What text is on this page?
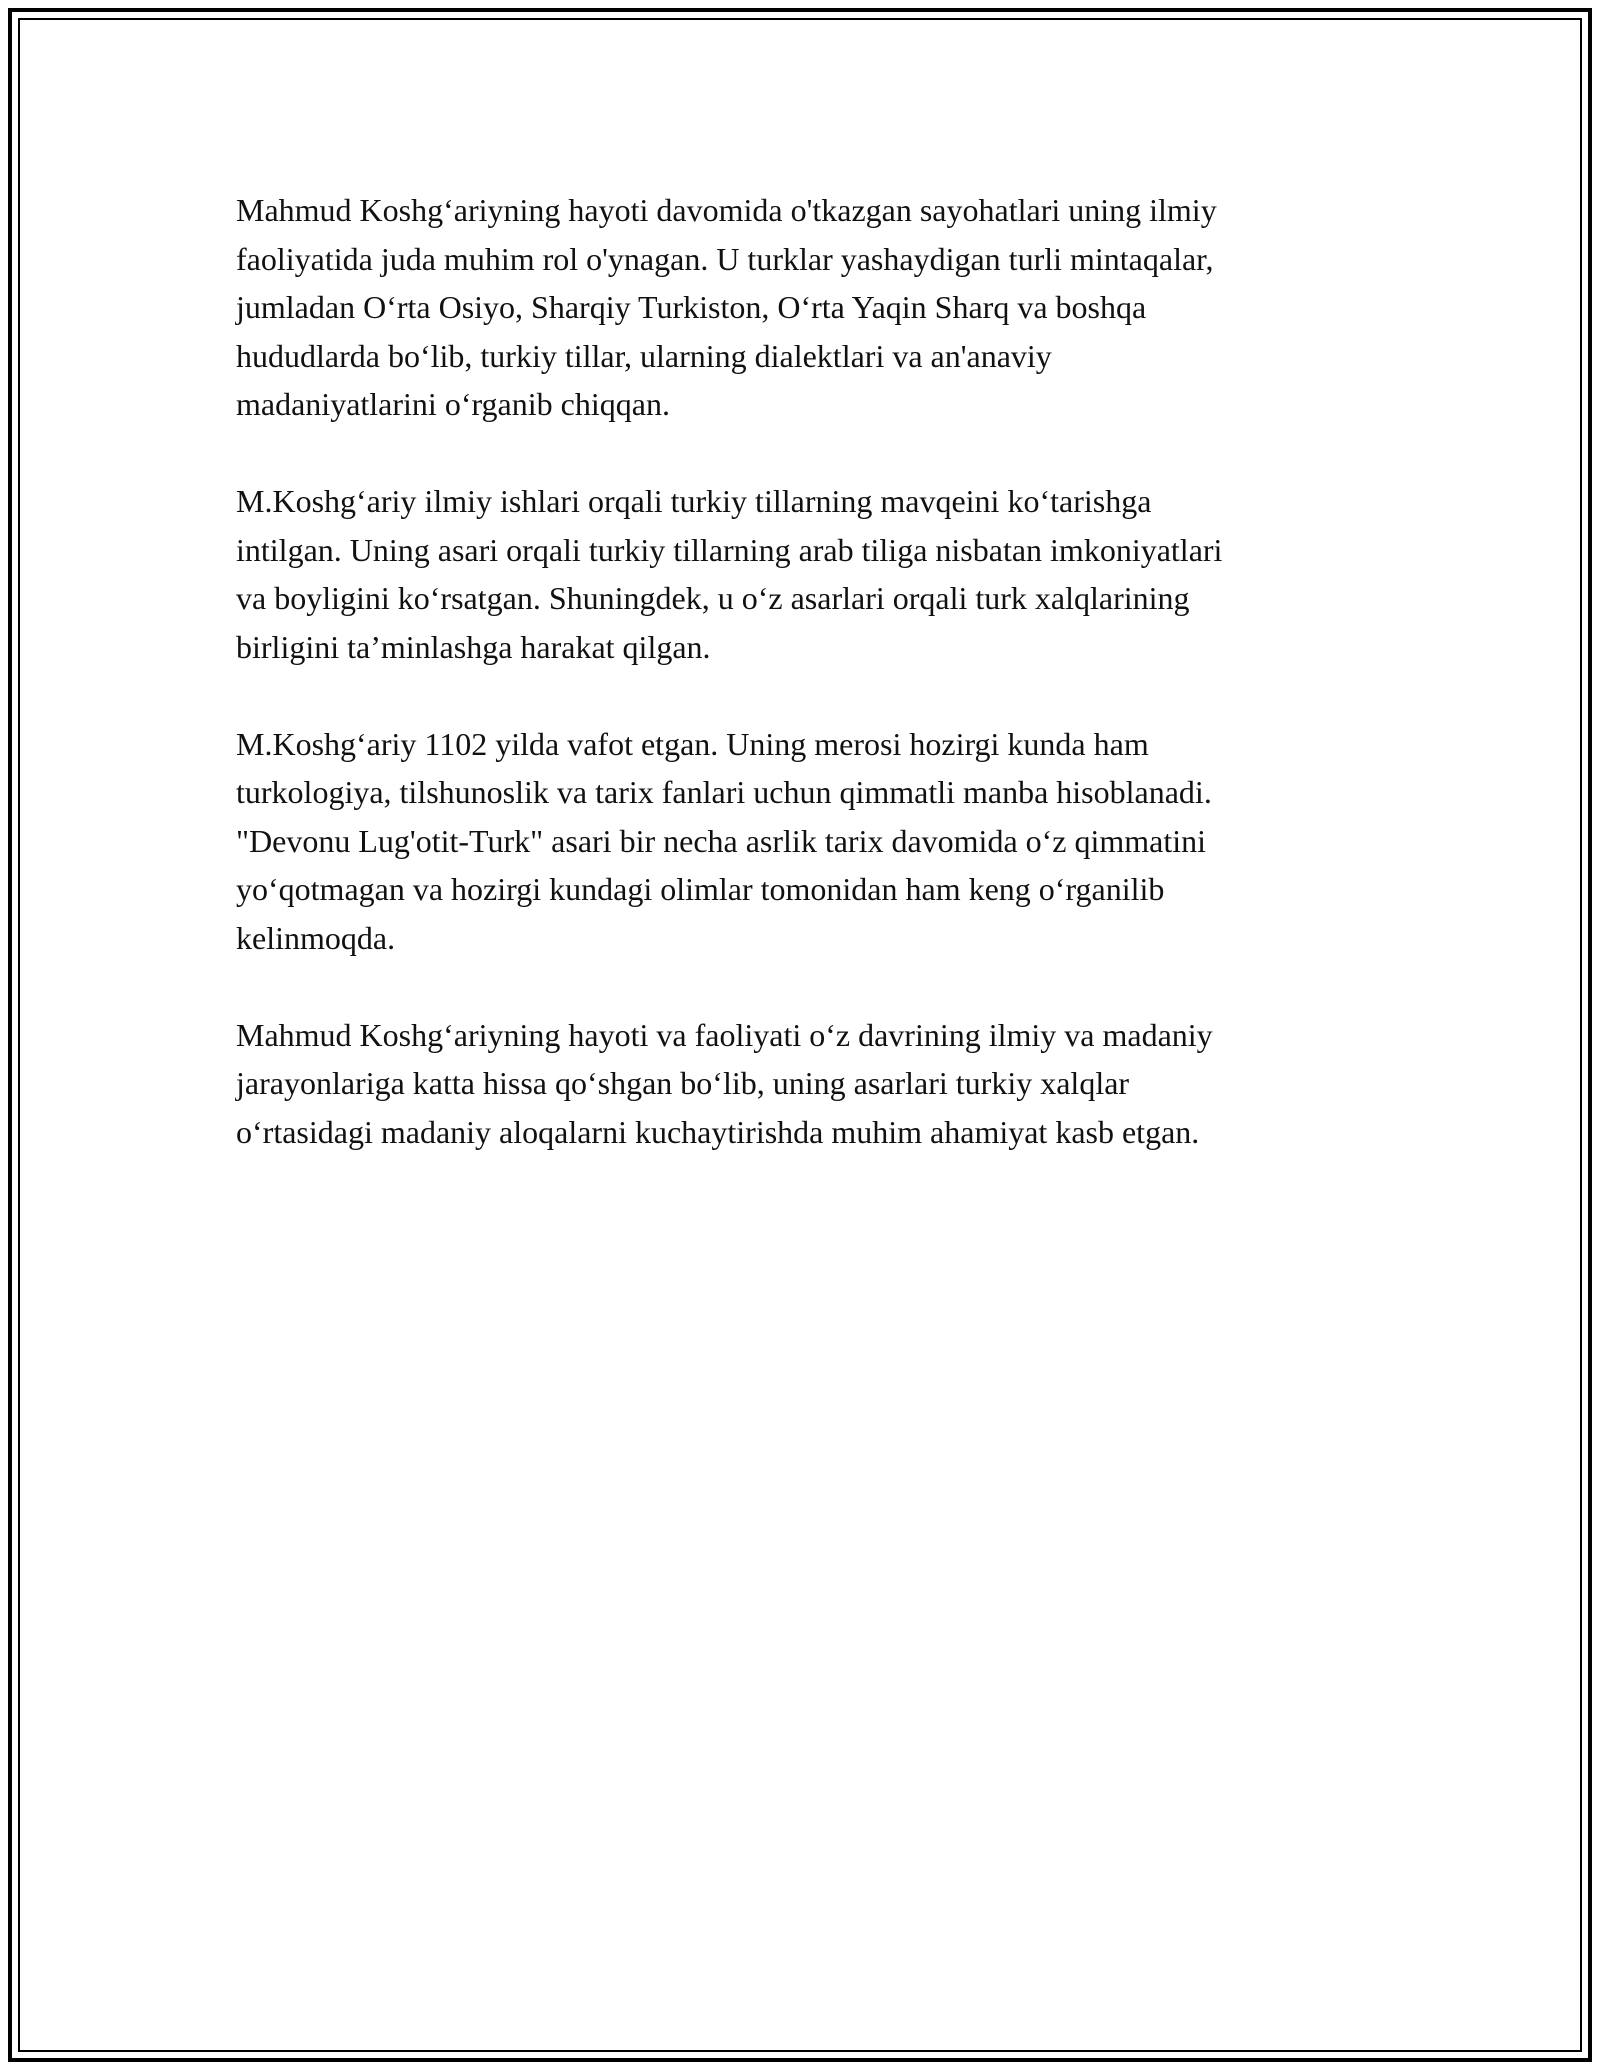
Mahmud Koshg‘ariyning hayoti davomida o'tkazgan sayohatlari uning ilmiy
faoliyatida juda muhim rol o'ynagan. U turklar yashaydigan turli mintaqalar,
jumladan O‘rta Osiyo, Sharqiy Turkiston, O‘rta Yaqin Sharq va boshqa
hududlarda bo‘lib, turkiy tillar, ularning dialektlari va an'anaviy
madaniyatlarini o‘rganib chiqqan.

M.Koshg‘ariy ilmiy ishlari orqali turkiy tillarning mavqeini ko‘tarishga
intilgan. Uning asari orqali turkiy tillarning arab tiliga nisbatan imkoniyatlari
va boyligini ko‘rsatgan. Shuningdek, u o‘z asarlari orqali turk xalqlarining
birligini ta’minlashga harakat qilgan.

M.Koshg‘ariy 1102 yilda vafot etgan. Uning merosi hozirgi kunda ham
turkologiya, tilshunoslik va tarix fanlari uchun qimmatli manba hisoblanadi.
"Devonu Lug'otit-Turk" asari bir necha asrlik tarix davomida o‘z qimmatini
yo‘qotmagan va hozirgi kundagi olimlar tomonidan ham keng o‘rganilib
kelinmoqda.

Mahmud Koshg‘ariyning hayoti va faoliyati o‘z davrining ilmiy va madaniy
jarayonlariga katta hissa qo‘shgan bo‘lib, uning asarlari turkiy xalqlar
o‘rtasidagi madaniy aloqalarni kuchaytirishda muhim ahamiyat kasb etgan.
